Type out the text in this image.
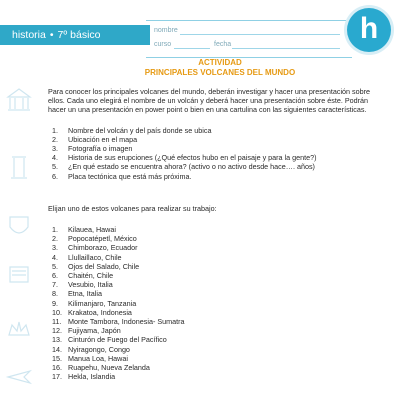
historia • 7º básico	nombre
curso	fecha	h

ACTIVIDAD

PRINCIPALES VOLCANES DEL MUNDO

Para conocer los principales volcanes del mundo, deberán investigar y hacer una presentación sobre ellos. Cada uno elegirá el nombre de un volcán y deberá hacer una presentación sobre éste. Podrán hacer un una presentación en power point o bien en una cartulina con las siguientes características.

1. Nombre del volcán y del país donde se ubica
2. Ubicación en el mapa
3. Fotografía o imagen
4. Historia de sus erupciones (¿Qué efectos hubo en el paisaje y para la gente?)
5. ¿En qué estado se encuentra ahora? (activo o no activo desde hace…. años)
6. Placa tectónica que está más próxima.

Elijan uno de estos volcanes para realizar su trabajo:

1. Kilauea, Hawai
2. Popocatépetl, México
3. Chimborazo, Ecuador
4. Llullaillaco, Chile
5. Ojos del Salado, Chile
6. Chaitén, Chile
7. Vesubio, Italia
8. Etna, Italia
9. Kilimanjaro, Tanzania
10. Krakatoa, Indonesia
11. Monte Tambora, Indonesia- Sumatra
12. Fujiyama, Japón
13. Cinturón de Fuego del Pacífico
14. Nyiragongo, Congo
15. Manua Loa, Hawai
16. Ruapehu, Nueva Zelanda
17. Hekla, Islandia
